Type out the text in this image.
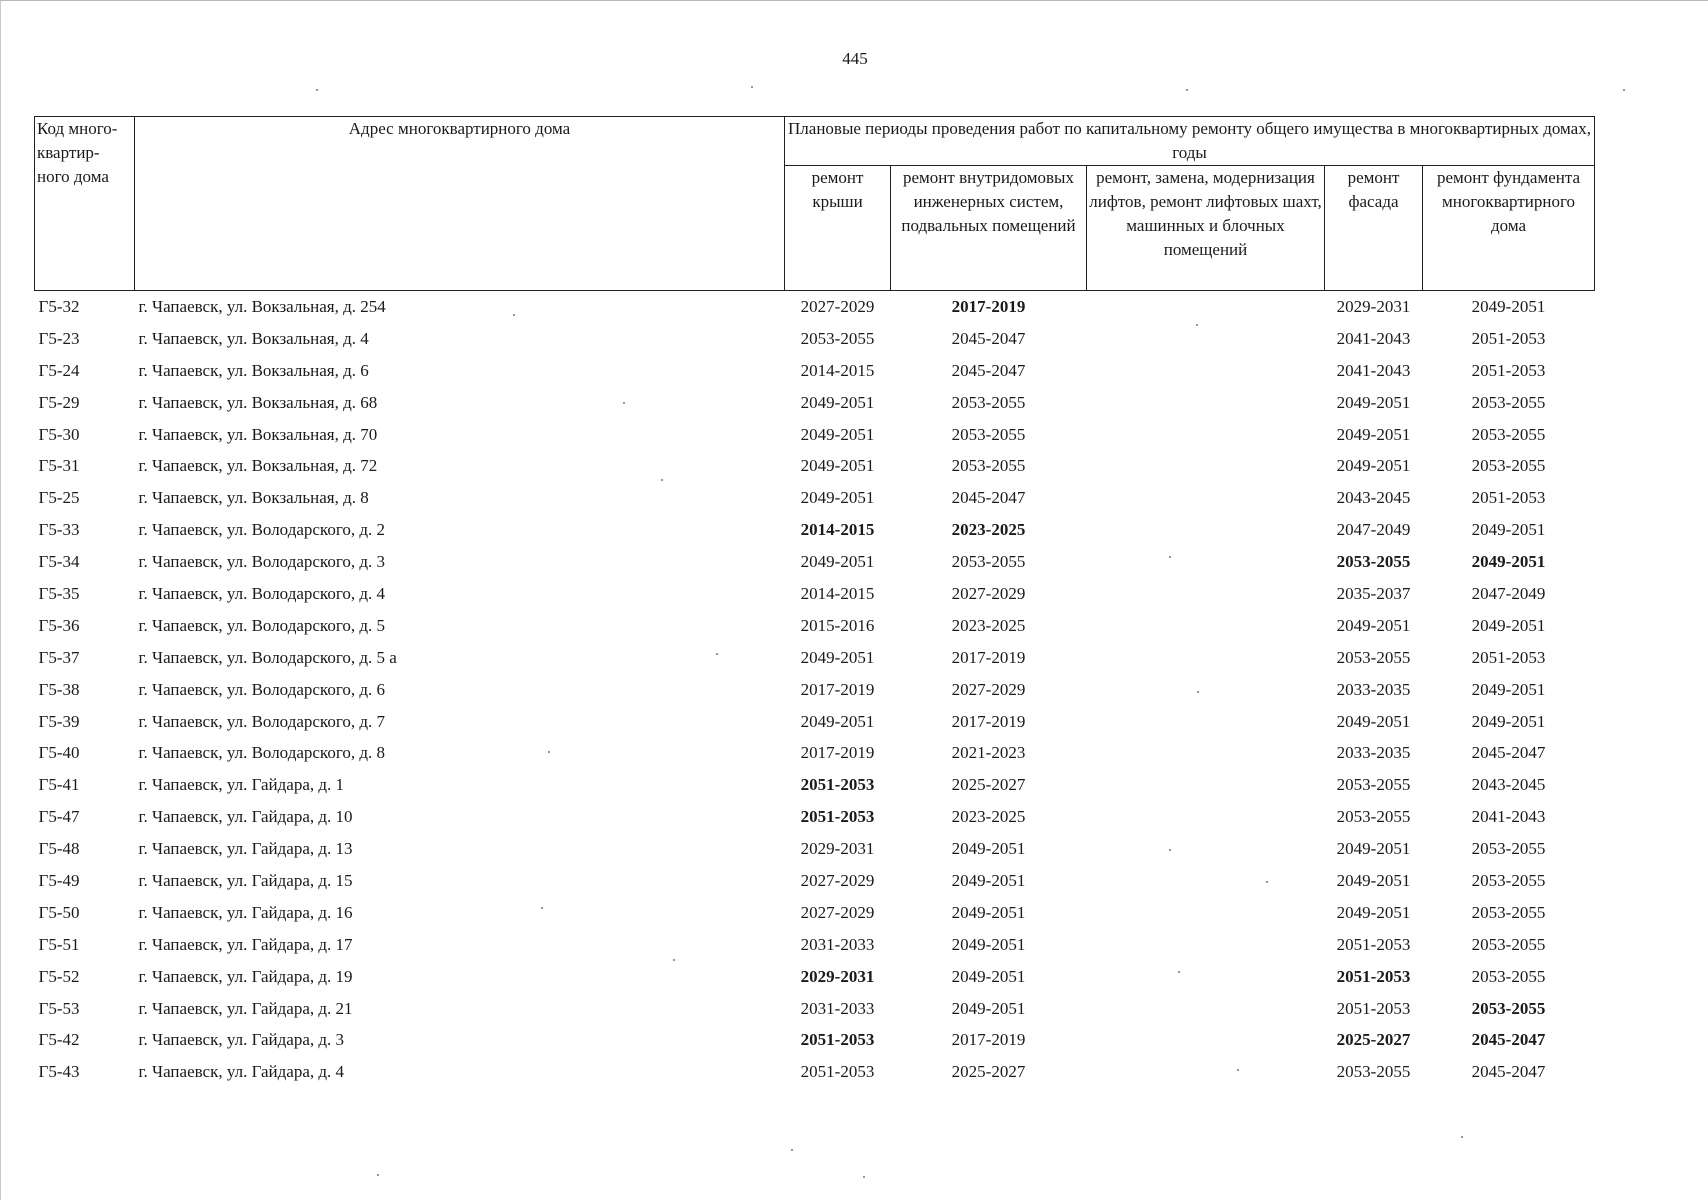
445
Код много-квартир-ного дома	Адрес многоквартирного дома	Плановые периоды проведения работ по капитальному ремонту общего имущества в многоквартирных домах, годы				
		ремонт крыши	ремонт внутридомовых инженерных систем, подвальных помещений	ремонт, замена, модернизация лифтов, ремонт лифтовых шахт, машинных и блочных помещений	ремонт фасада	ремонт фундамента многоквартирного дома
Г5-32	г. Чапаевск, ул. Вокзальная, д. 254	2027-2029	2017-2019		2029-2031	2049-2051
Г5-23	г. Чапаевск, ул. Вокзальная, д. 4	2053-2055	2045-2047		2041-2043	2051-2053
Г5-24	г. Чапаевск, ул. Вокзальная, д. 6	2014-2015	2045-2047		2041-2043	2051-2053
Г5-29	г. Чапаевск, ул. Вокзальная, д. 68	2049-2051	2053-2055		2049-2051	2053-2055
Г5-30	г. Чапаевск, ул. Вокзальная, д. 70	2049-2051	2053-2055		2049-2051	2053-2055
Г5-31	г. Чапаевск, ул. Вокзальная, д. 72	2049-2051	2053-2055		2049-2051	2053-2055
Г5-25	г. Чапаевск, ул. Вокзальная, д. 8	2049-2051	2045-2047		2043-2045	2051-2053
Г5-33	г. Чапаевск, ул. Володарского, д. 2	2014-2015	2023-2025		2047-2049	2049-2051
Г5-34	г. Чапаевск, ул. Володарского, д. 3	2049-2051	2053-2055		2053-2055	2049-2051
Г5-35	г. Чапаевск, ул. Володарского, д. 4	2014-2015	2027-2029		2035-2037	2047-2049
Г5-36	г. Чапаевск, ул. Володарского, д. 5	2015-2016	2023-2025		2049-2051	2049-2051
Г5-37	г. Чапаевск, ул. Володарского, д. 5 а	2049-2051	2017-2019		2053-2055	2051-2053
Г5-38	г. Чапаевск, ул. Володарского, д. 6	2017-2019	2027-2029		2033-2035	2049-2051
Г5-39	г. Чапаевск, ул. Володарского, д. 7	2049-2051	2017-2019		2049-2051	2049-2051
Г5-40	г. Чапаевск, ул. Володарского, д. 8	2017-2019	2021-2023		2033-2035	2045-2047
Г5-41	г. Чапаевск, ул. Гайдара, д. 1	2051-2053	2025-2027		2053-2055	2043-2045
Г5-47	г. Чапаевск, ул. Гайдара, д. 10	2051-2053	2023-2025		2053-2055	2041-2043
Г5-48	г. Чапаевск, ул. Гайдара, д. 13	2029-2031	2049-2051		2049-2051	2053-2055
Г5-49	г. Чапаевск, ул. Гайдара, д. 15	2027-2029	2049-2051		2049-2051	2053-2055
Г5-50	г. Чапаевск, ул. Гайдара, д. 16	2027-2029	2049-2051		2049-2051	2053-2055
Г5-51	г. Чапаевск, ул. Гайдара, д. 17	2031-2033	2049-2051		2051-2053	2053-2055
Г5-52	г. Чапаевск, ул. Гайдара, д. 19	2029-2031	2049-2051		2051-2053	2053-2055
Г5-53	г. Чапаевск, ул. Гайдара, д. 21	2031-2033	2049-2051		2051-2053	2053-2055
Г5-42	г. Чапаевск, ул. Гайдара, д. 3	2051-2053	2017-2019		2025-2027	2045-2047
Г5-43	г. Чапаевск, ул. Гайдара, д. 4	2051-2053	2025-2027		2053-2055	2045-2047
